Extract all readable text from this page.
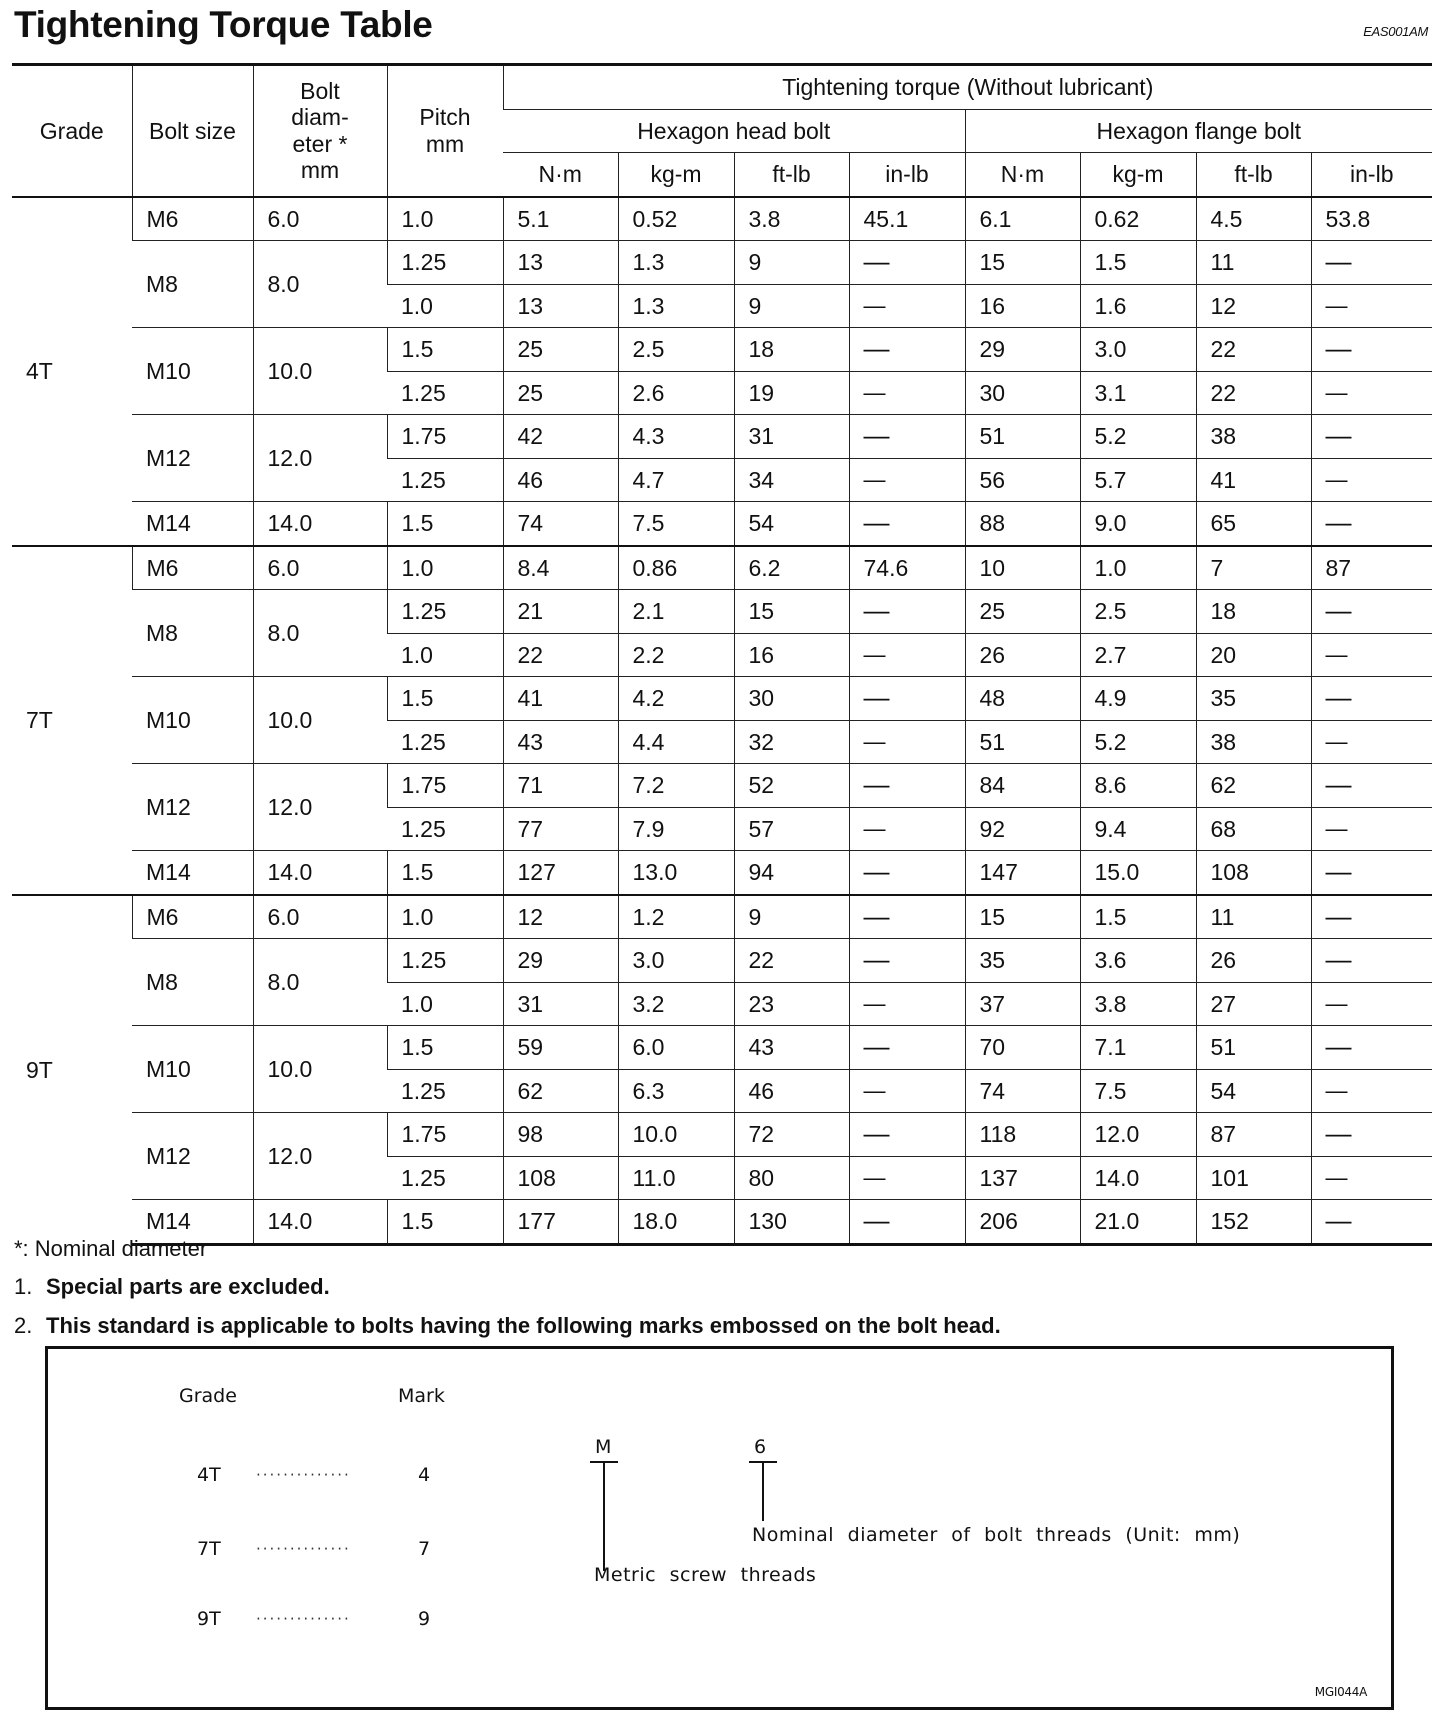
Tightening Torque Table	EAS001AM
Grade	Bolt size	Bolt diam-eter * mm	Pitch mm	Tightening torque (Without lubricant)							
				Hexagon head bolt				Hexagon flange bolt			
				N·m	kg-m	ft-lb	in-lb	N·m	kg-m	ft-lb	in-lb
4T	M6	6.0	1.0	5.1	0.52	3.8	45.1	6.1	0.62	4.5	53.8
	M8	8.0	1.25	13	1.3	9	—	15	1.5	11	—
			1.0	13	1.3	9	—	16	1.6	12	—
	M10	10.0	1.5	25	2.5	18	—	29	3.0	22	—
			1.25	25	2.6	19	—	30	3.1	22	—
	M12	12.0	1.75	42	4.3	31	—	51	5.2	38	—
			1.25	46	4.7	34	—	56	5.7	41	—
	M14	14.0	1.5	74	7.5	54	—	88	9.0	65	—
7T	M6	6.0	1.0	8.4	0.86	6.2	74.6	10	1.0	7	87
	M8	8.0	1.25	21	2.1	15	—	25	2.5	18	—
			1.0	22	2.2	16	—	26	2.7	20	—
	M10	10.0	1.5	41	4.2	30	—	48	4.9	35	—
			1.25	43	4.4	32	—	51	5.2	38	—
	M12	12.0	1.75	71	7.2	52	—	84	8.6	62	—
			1.25	77	7.9	57	—	92	9.4	68	—
	M14	14.0	1.5	127	13.0	94	—	147	15.0	108	—
9T	M6	6.0	1.0	12	1.2	9	—	15	1.5	11	—
	M8	8.0	1.25	29	3.0	22	—	35	3.6	26	—
			1.0	31	3.2	23	—	37	3.8	27	—
	M10	10.0	1.5	59	6.0	43	—	70	7.1	51	—
			1.25	62	6.3	46	—	74	7.5	54	—
	M12	12.0	1.75	98	10.0	72	—	118	12.0	87	—
			1.25	108	11.0	80	—	137	14.0	101	—
	M14	14.0	1.5	177	18.0	130	—	206	21.0	152	—
*: Nominal diameter
1. Special parts are excluded.
2. This standard is applicable to bolts having the following marks embossed on the bolt head.
Grade	Mark
4T ··············	4
7T ··············	7
9T ··············	9
M
Metric screw threads
6
Nominal diameter of bolt threads (Unit: mm)
MGI044A
